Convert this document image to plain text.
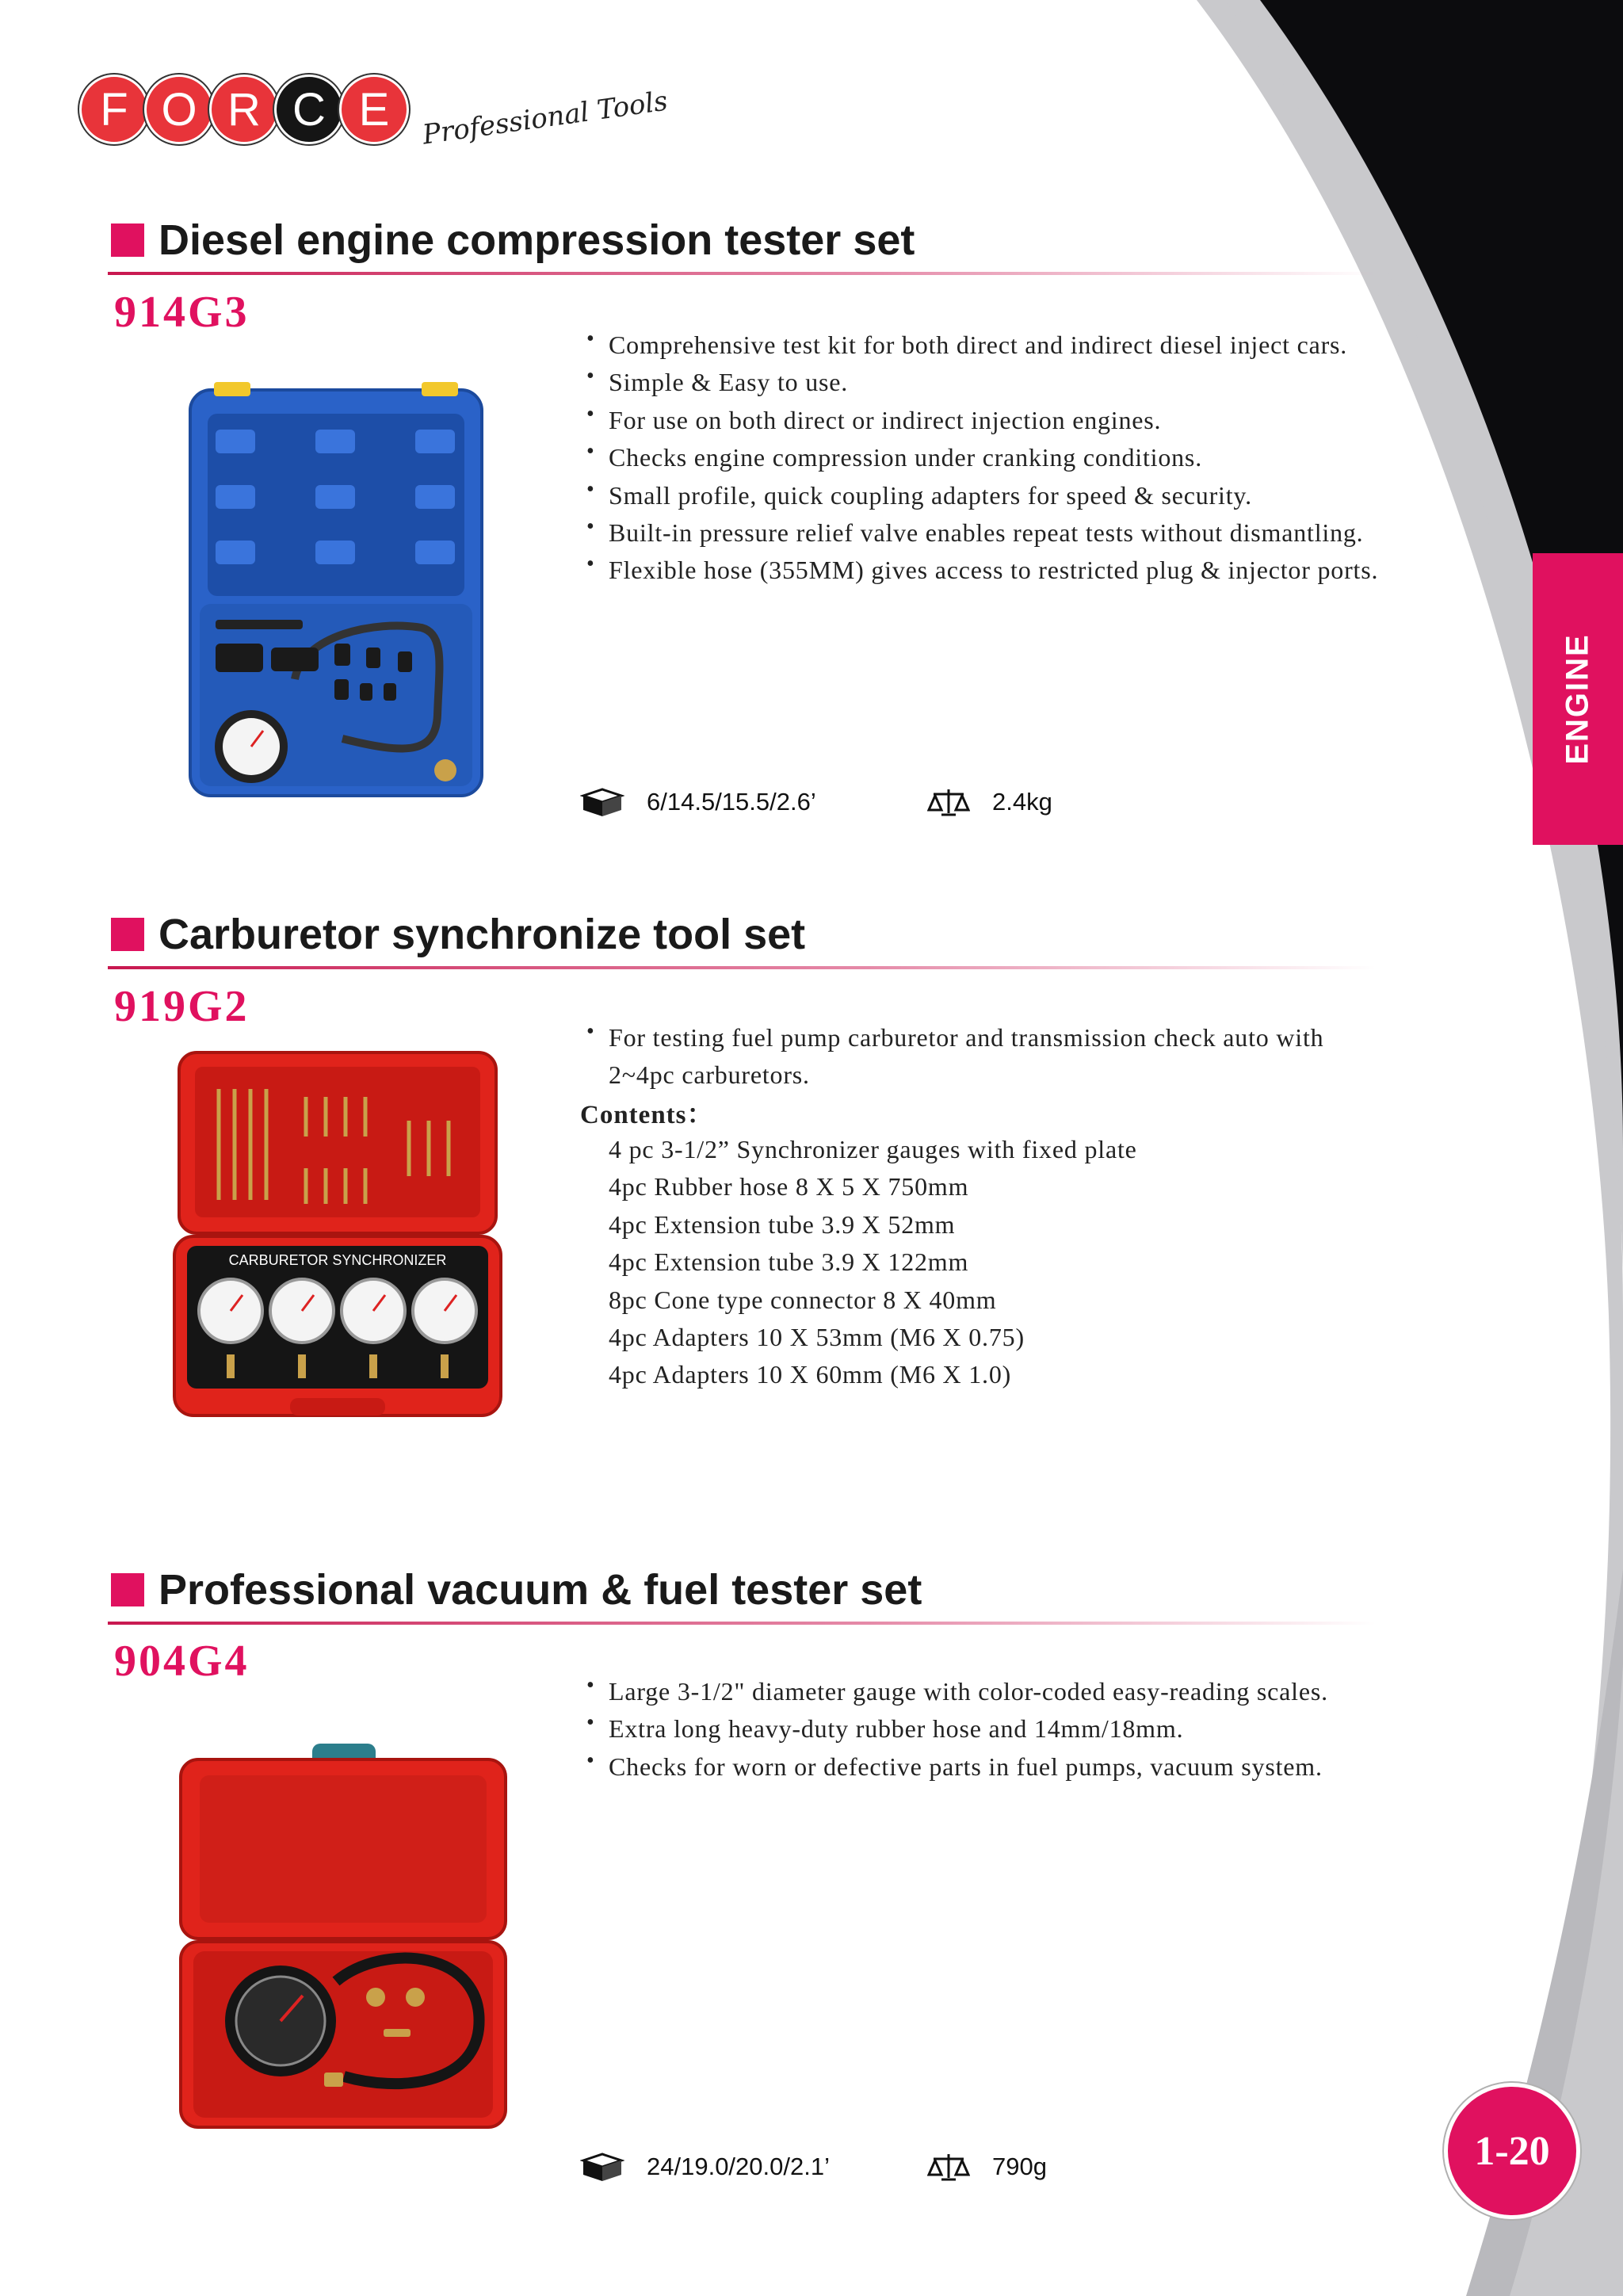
F O R C E	Professional Tools
ENGINE
Diesel engine compression tester set
914G3
• Comprehensive test kit for both direct and indirect diesel inject cars.
• Simple & Easy to use.
• For use on both direct or indirect injection engines.
• Checks engine compression under cranking conditions.
• Small profile, quick coupling adapters for speed & security.
• Built-in pressure relief valve enables repeat tests without dismantling.
• Flexible hose (355MM) gives access to restricted plug & injector ports.
6/14.5/15.5/2.6’	2.4kg
Carburetor synchronize tool set
919G2
CARBURETOR SYNCHRONIZER
• For testing fuel pump carburetor and transmission check auto with
2~4pc carburetors.
Contents：
4 pc 3-1/2” Synchronizer gauges with fixed plate
4pc Rubber hose 8 X 5 X 750mm
4pc Extension tube 3.9 X 52mm
4pc Extension tube 3.9 X 122mm
8pc Cone type connector 8 X 40mm
4pc Adapters 10 X 53mm (M6 X 0.75)
4pc Adapters 10 X 60mm (M6 X 1.0)
Professional vacuum & fuel tester set
904G4
• Large 3-1/2" diameter gauge with color-coded easy-reading scales.
• Extra long heavy-duty rubber hose and 14mm/18mm.
• Checks for worn or defective parts in fuel pumps, vacuum system.
24/19.0/20.0/2.1’	790g	1-20
